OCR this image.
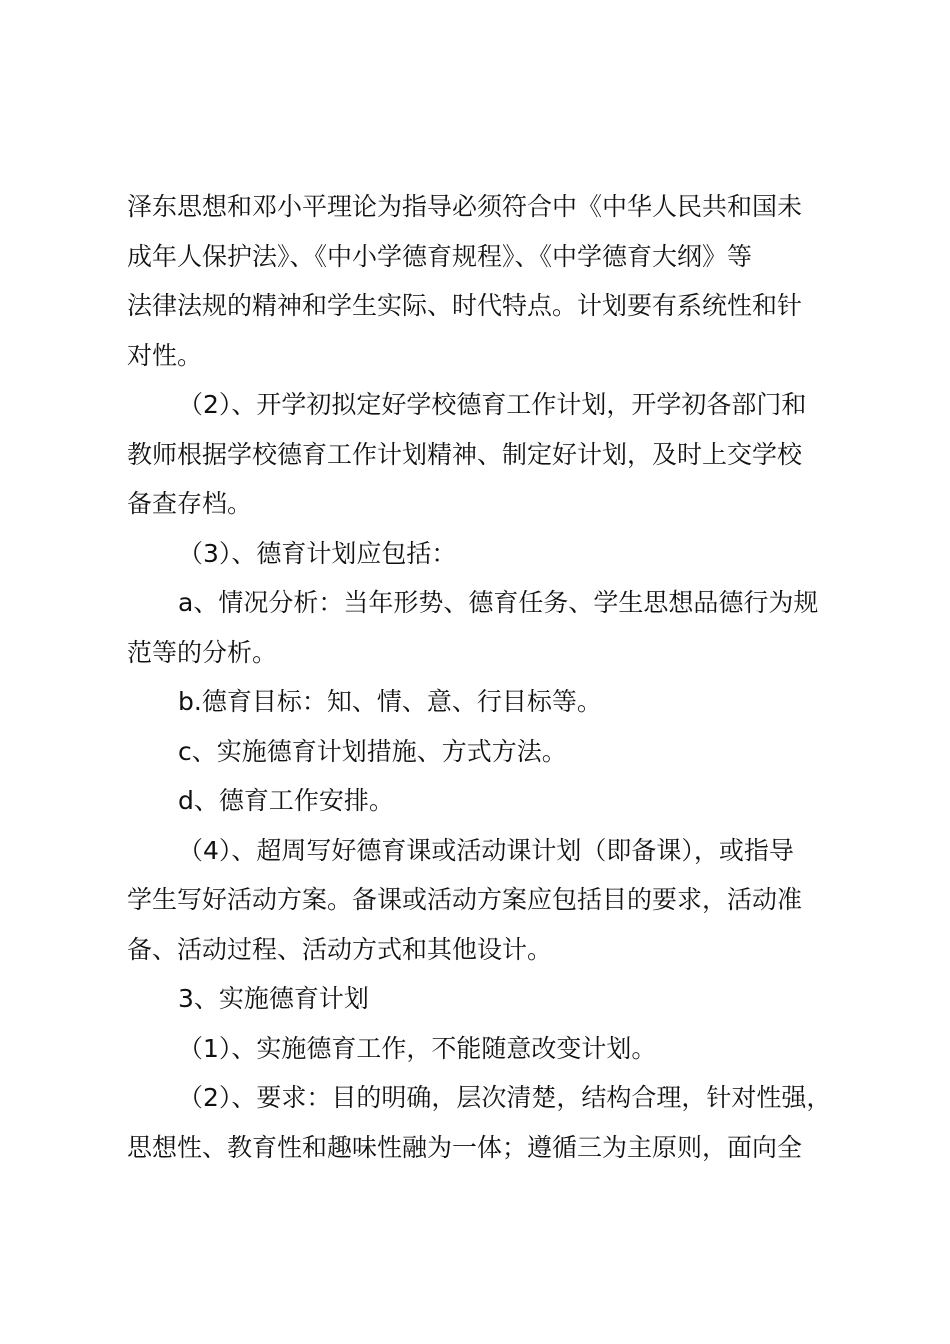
泽东思想和邓小平理论为指导必须符合中《中华人民共和国未
成年人保护法》、《中小学德育规程》、《中学德育大纲》等
法律法规的精神和学生实际、时代特点。计划要有系统性和针
对性。
（2）、开学初拟定好学校德育工作计划，开学初各部门和
教师根据学校德育工作计划精神、制定好计划，及时上交学校
备查存档。
（3）、德育计划应包括：
a、情况分析：当年形势、德育任务、学生思想品德行为规
范等的分析。
b.德育目标：知、情、意、行目标等。
c、实施德育计划措施、方式方法。
d、德育工作安排。
（4）、超周写好德育课或活动课计划（即备课），或指导
学生写好活动方案。备课或活动方案应包括目的要求，活动准
备、活动过程、活动方式和其他设计。
3、实施德育计划
（1）、实施德育工作，不能随意改变计划。
（2）、要求：目的明确，层次清楚，结构合理，针对性强，
思想性、教育性和趣味性融为一体；遵循三为主原则，面向全
